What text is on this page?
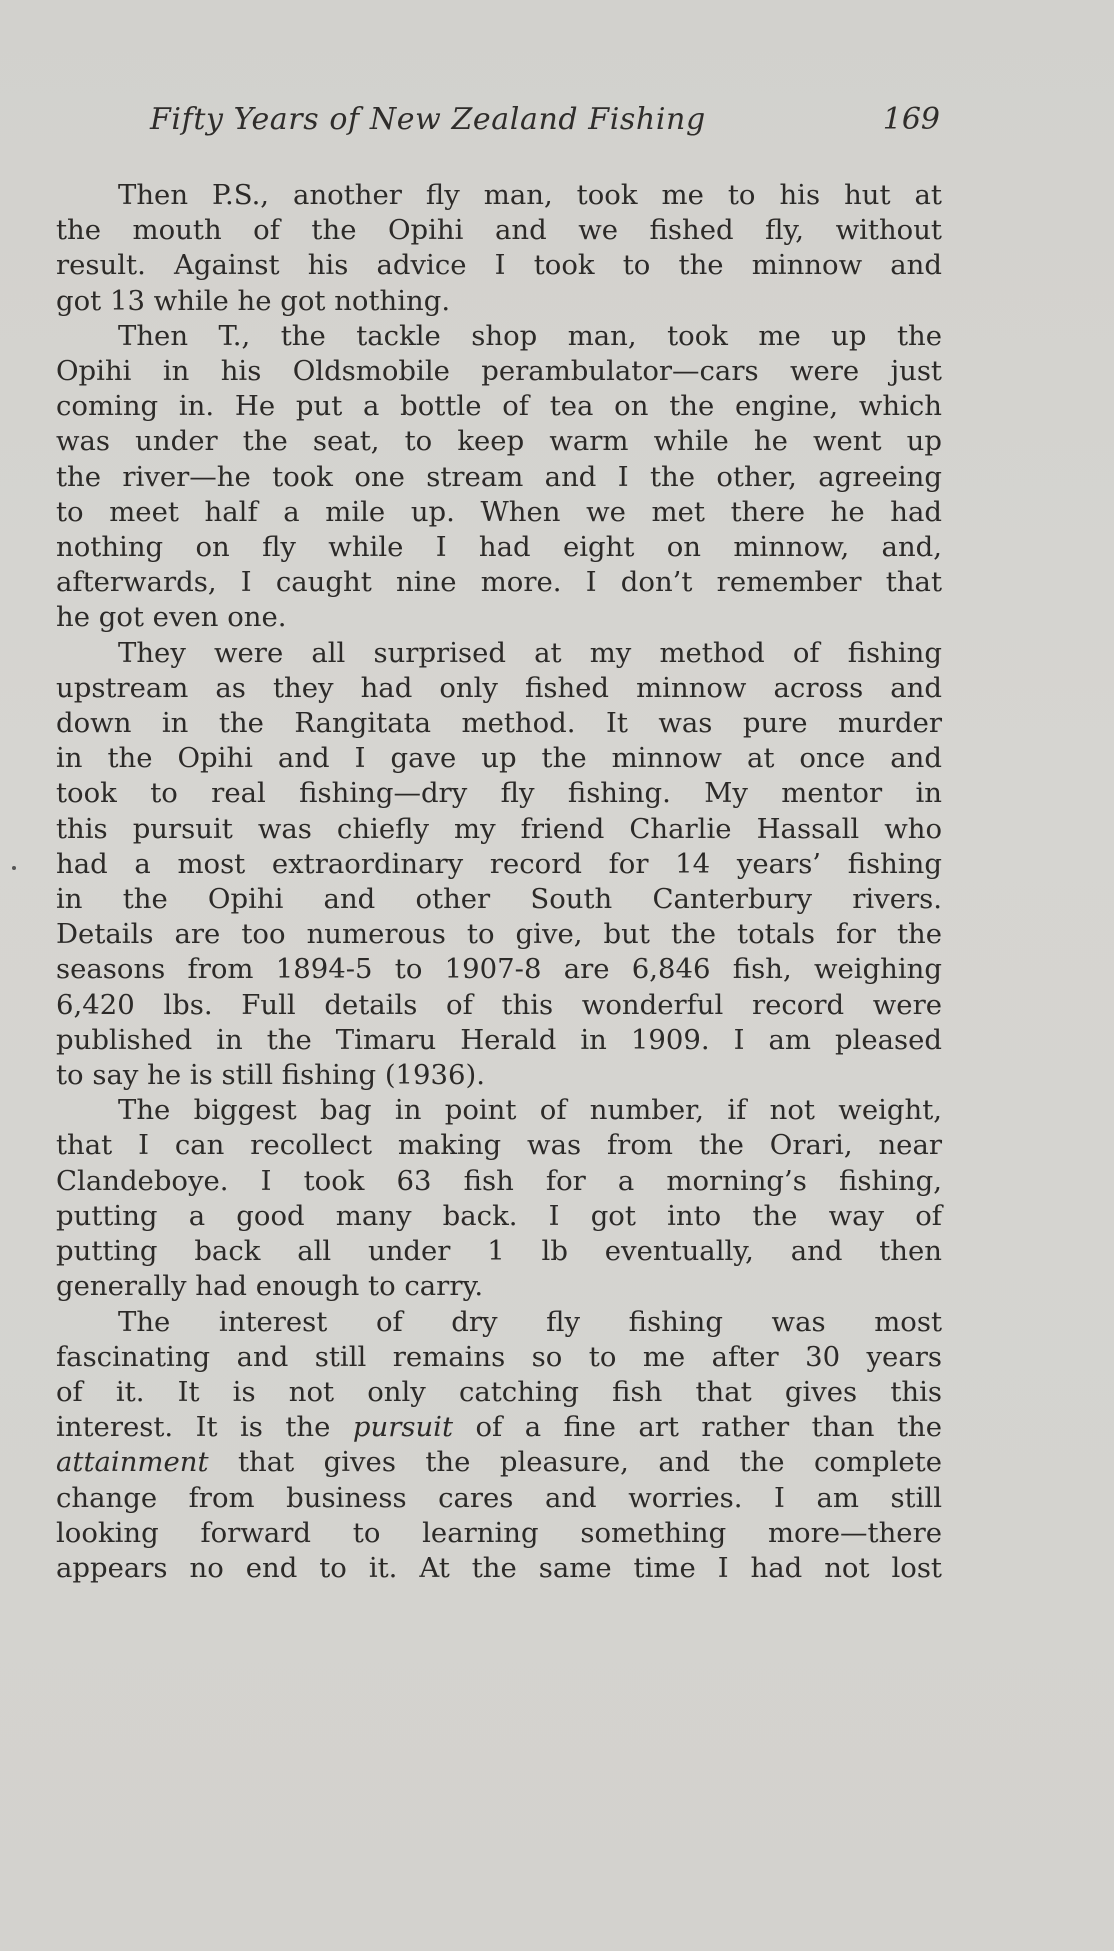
Fifty Years of New Zealand Fishing	169
Then P.S., another fly man, took me to his hut at
the mouth of the Opihi and we fished fly, without
result. Against his advice I took to the minnow and
got 13 while he got nothing.
Then T., the tackle shop man, took me up the
Opihi in his Oldsmobile perambulator—cars were just
coming in. He put a bottle of tea on the engine, which
was under the seat, to keep warm while he went up
the river—he took one stream and I the other, agreeing
to meet half a mile up. When we met there he had
nothing on fly while I had eight on minnow, and,
afterwards, I caught nine more. I don’t remember that
he got even one.
They were all surprised at my method of fishing
upstream as they had only fished minnow across and
down in the Rangitata method. It was pure murder
in the Opihi and I gave up the minnow at once and
took to real fishing—dry fly fishing. My mentor in
this pursuit was chiefly my friend Charlie Hassall who
had a most extraordinary record for 14 years’ fishing
in the Opihi and other South Canterbury rivers.
Details are too numerous to give, but the totals for the
seasons from 1894-5 to 1907-8 are 6,846 fish, weighing
6,420 lbs. Full details of this wonderful record were
published in the Timaru Herald in 1909. I am pleased
to say he is still fishing (1936).
The biggest bag in point of number, if not weight,
that I can recollect making was from the Orari, near
Clandeboye. I took 63 fish for a morning’s fishing,
putting a good many back. I got into the way of
putting back all under 1 lb eventually, and then
generally had enough to carry.
The interest of dry fly fishing was most
fascinating and still remains so to me after 30 years
of it. It is not only catching fish that gives this
interest. It is the pursuit of a fine art rather than the
attainment that gives the pleasure, and the complete
change from business cares and worries. I am still
looking forward to learning something more—there
appears no end to it. At the same time I had not lost
